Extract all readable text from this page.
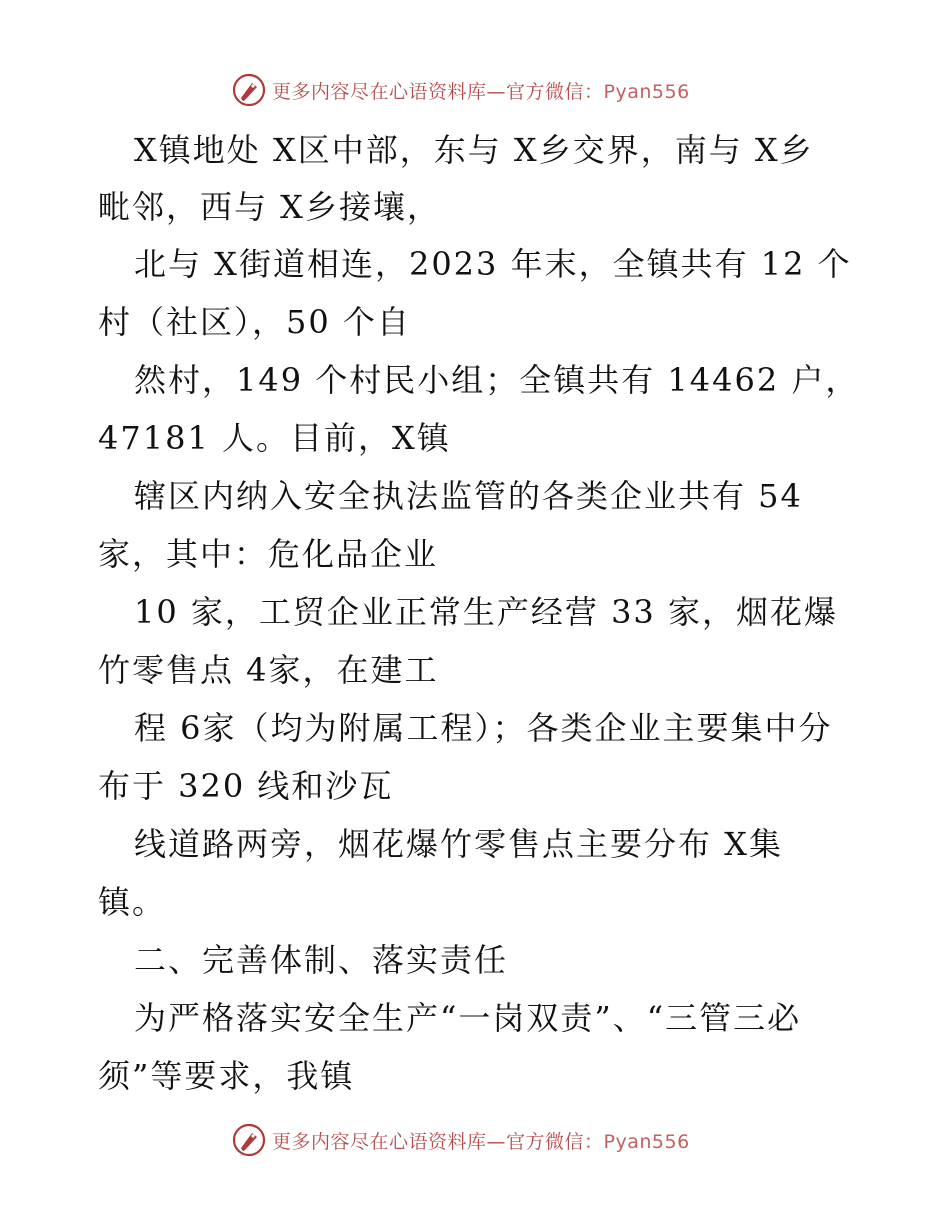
更多内容尽在心语资料库—官方微信：Pyan556
X镇地处 X区中部，东与 X乡交界，南与 X乡
毗邻，西与 X乡接壤，
北与 X街道相连，2023 年末，全镇共有 12 个
村（社区），50 个自
然村，149 个村民小组；全镇共有 14462 户，
47181 人。目前，X镇
辖区内纳入安全执法监管的各类企业共有 54
家，其中：危化品企业
10 家，工贸企业正常生产经营 33 家，烟花爆
竹零售点 4家，在建工
程 6家（均为附属工程）；各类企业主要集中分
布于 320 线和沙瓦
线道路两旁，烟花爆竹零售点主要分布 X集
镇。
二、完善体制、落实责任
为严格落实安全生产“一岗双责”、“三管三必
须”等要求，我镇
更多内容尽在心语资料库—官方微信：Pyan556
